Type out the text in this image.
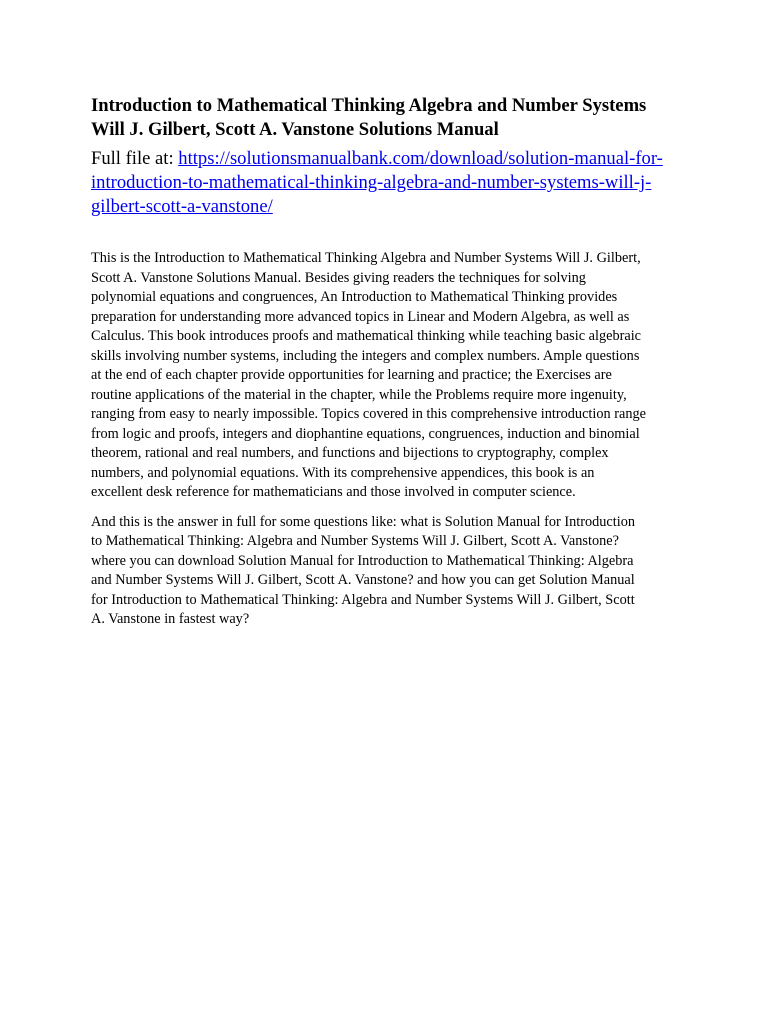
Introduction to Mathematical Thinking Algebra and Number Systems
Will J. Gilbert, Scott A. Vanstone Solutions Manual
Full file at: https://solutionsmanualbank.com/download/solution-manual-for-
introduction-to-mathematical-thinking-algebra-and-number-systems-will-j-
gilbert-scott-a-vanstone/

This is the Introduction to Mathematical Thinking Algebra and Number Systems Will J. Gilbert,
Scott A. Vanstone Solutions Manual. Besides giving readers the techniques for solving
polynomial equations and congruences, An Introduction to Mathematical Thinking provides
preparation for understanding more advanced topics in Linear and Modern Algebra, as well as
Calculus. This book introduces proofs and mathematical thinking while teaching basic algebraic
skills involving number systems, including the integers and complex numbers. Ample questions
at the end of each chapter provide opportunities for learning and practice; the Exercises are
routine applications of the material in the chapter, while the Problems require more ingenuity,
ranging from easy to nearly impossible. Topics covered in this comprehensive introduction range
from logic and proofs, integers and diophantine equations, congruences, induction and binomial
theorem, rational and real numbers, and functions and bijections to cryptography, complex
numbers, and polynomial equations. With its comprehensive appendices, this book is an
excellent desk reference for mathematicians and those involved in computer science.

And this is the answer in full for some questions like: what is Solution Manual for Introduction
to Mathematical Thinking: Algebra and Number Systems Will J. Gilbert, Scott A. Vanstone?
where you can download Solution Manual for Introduction to Mathematical Thinking: Algebra
and Number Systems Will J. Gilbert, Scott A. Vanstone? and how you can get Solution Manual
for Introduction to Mathematical Thinking: Algebra and Number Systems Will J. Gilbert, Scott
A. Vanstone in fastest way?
